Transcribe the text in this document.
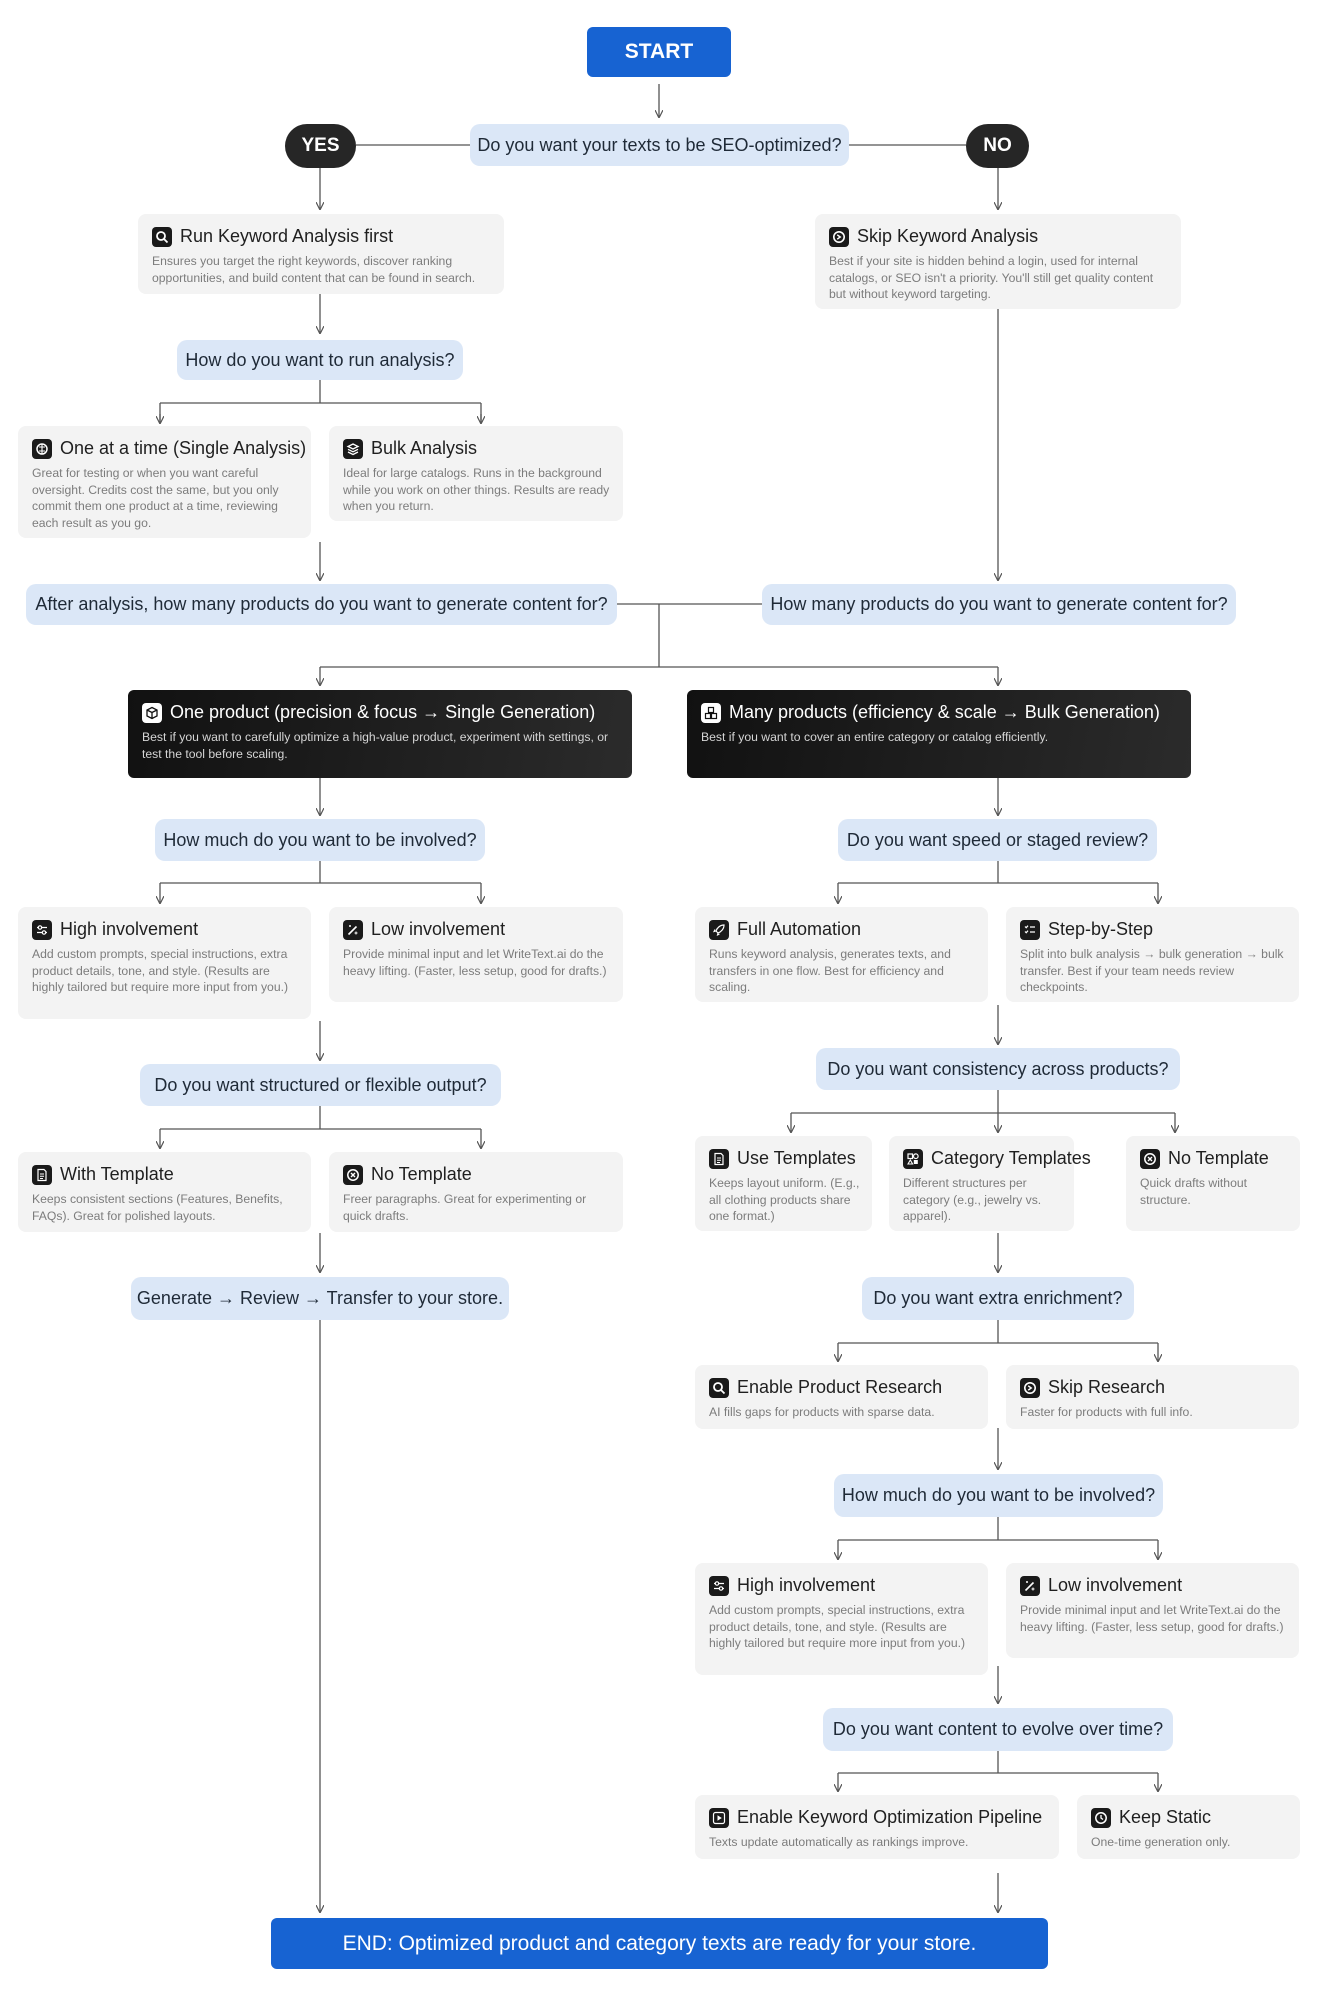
START
Do you want your texts to be SEO-optimized?
YES	NO
Run Keyword Analysis first
Ensures you target the right keywords, discover ranking opportunities, and build content that can be found in search.
Skip Keyword Analysis
Best if your site is hidden behind a login, used for internal catalogs, or SEO isn't a priority. You'll still get quality content but without keyword targeting.
How do you want to run analysis?
One at a time (Single Analysis)
Great for testing or when you want careful oversight. Credits cost the same, but you only commit them one product at a time, reviewing each result as you go.
Bulk Analysis
Ideal for large catalogs. Runs in the background while you work on other things. Results are ready when you return.
After analysis, how many products do you want to generate content for?	How many products do you want to generate content for?
One product (precision & focus → Single Generation)
Best if you want to carefully optimize a high-value product, experiment with settings, or test the tool before scaling.
Many products (efficiency & scale → Bulk Generation)
Best if you want to cover an entire category or catalog efficiently.
How much do you want to be involved?	Do you want speed or staged review?
High involvement
Add custom prompts, special instructions, extra product details, tone, and style. (Results are highly tailored but require more input from you.)
Low involvement
Provide minimal input and let WriteText.ai do the heavy lifting. (Faster, less setup, good for drafts.)
Full Automation
Runs keyword analysis, generates texts, and transfers in one flow. Best for efficiency and scaling.
Step-by-Step
Split into bulk analysis → bulk generation → bulk transfer. Best if your team needs review checkpoints.
Do you want consistency across products?
Do you want structured or flexible output?
Use Templates
Keeps layout uniform. (E.g., all clothing products share one format.)
Category Templates
Different structures per category (e.g., jewelry vs. apparel).
No Template
Quick drafts without structure.
With Template
Keeps consistent sections (Features, Benefits, FAQs). Great for polished layouts.
No Template
Freer paragraphs. Great for experimenting or quick drafts.
Generate → Review → Transfer to your store.	Do you want extra enrichment?
Enable Product Research
AI fills gaps for products with sparse data.
Skip Research
Faster for products with full info.
How much do you want to be involved?
High involvement
Add custom prompts, special instructions, extra product details, tone, and style. (Results are highly tailored but require more input from you.)
Low involvement
Provide minimal input and let WriteText.ai do the heavy lifting. (Faster, less setup, good for drafts.)
Do you want content to evolve over time?
Enable Keyword Optimization Pipeline
Texts update automatically as rankings improve.
Keep Static
One-time generation only.
END: Optimized product and category texts are ready for your store.
